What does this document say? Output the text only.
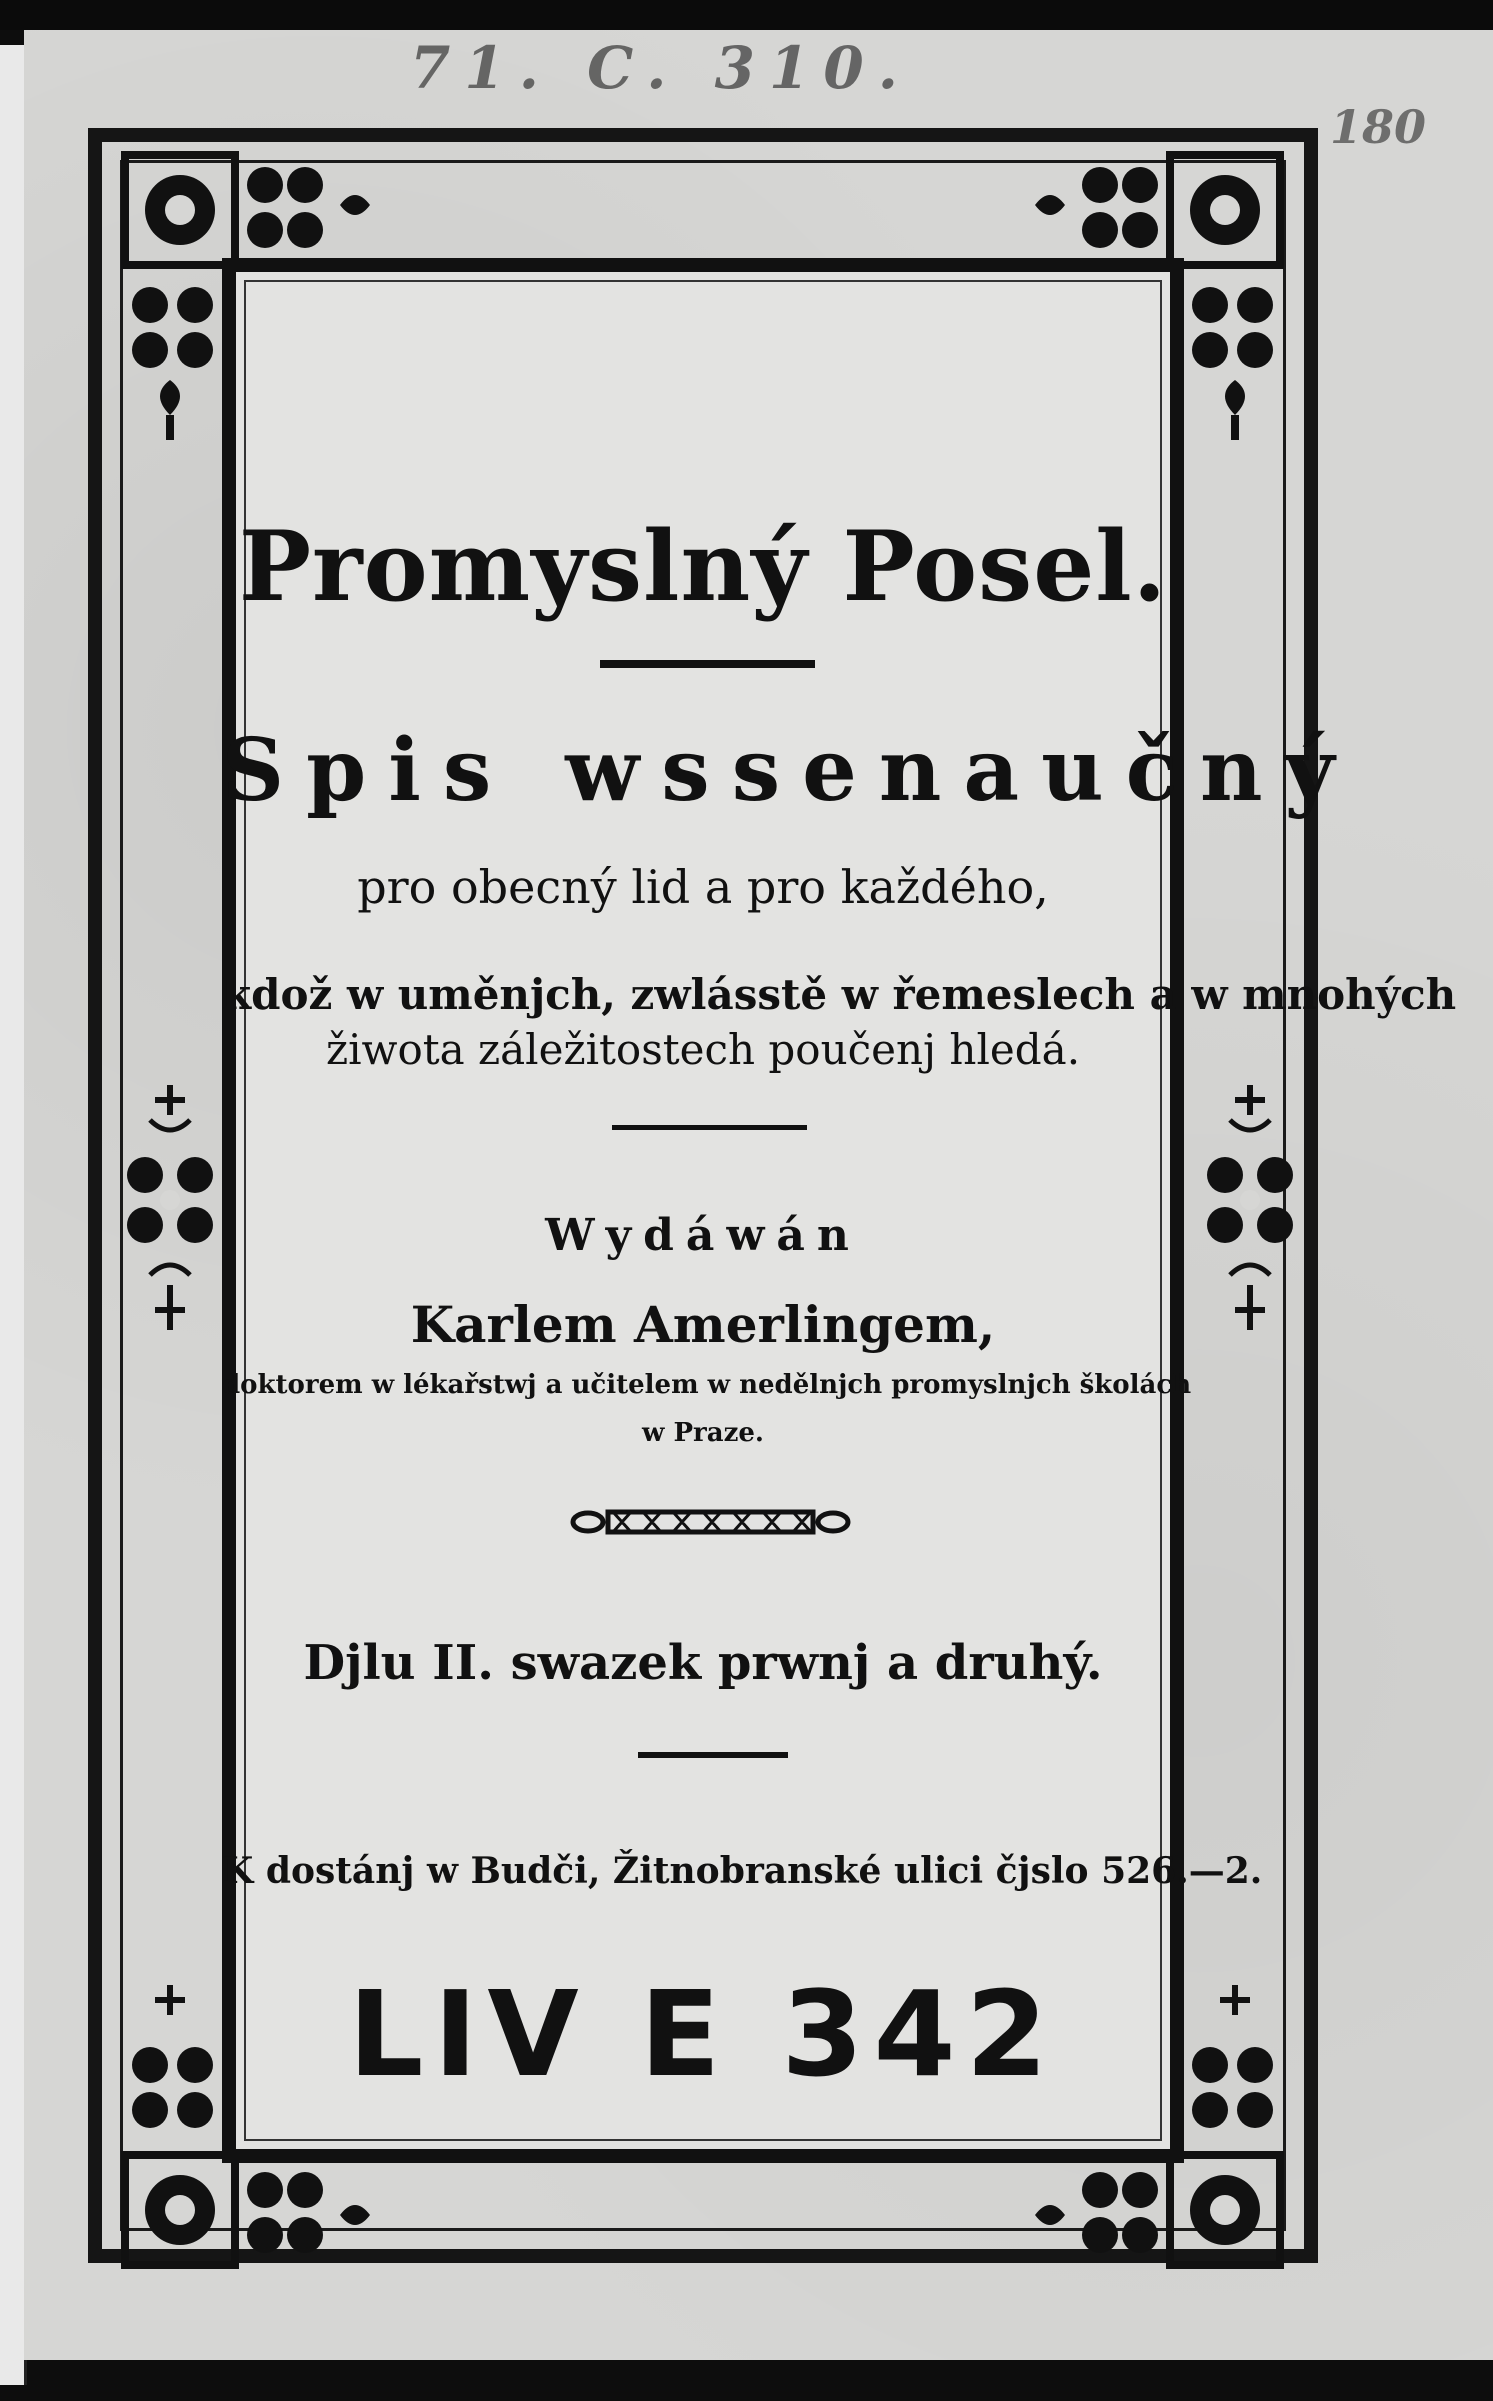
71. C. 310.
180
Promyslný Posel.
Spis wssenaučný
pro obecný lid a pro každého,
kdož w uměnjch, zwlásstě w řemeslech a w mnohých
žiwota záležitostech poučenj hledá.
Wydáwán
Karlem Amerlingem,
doktorem w lékařstwj a učitelem w nedělnjch promyslnjch školách
w Praze.
Djlu II. swazek prwnj a druhý.
K dostánj w Budči, Žitnobranské ulici čjslo 526.—2.
LIV E 342
